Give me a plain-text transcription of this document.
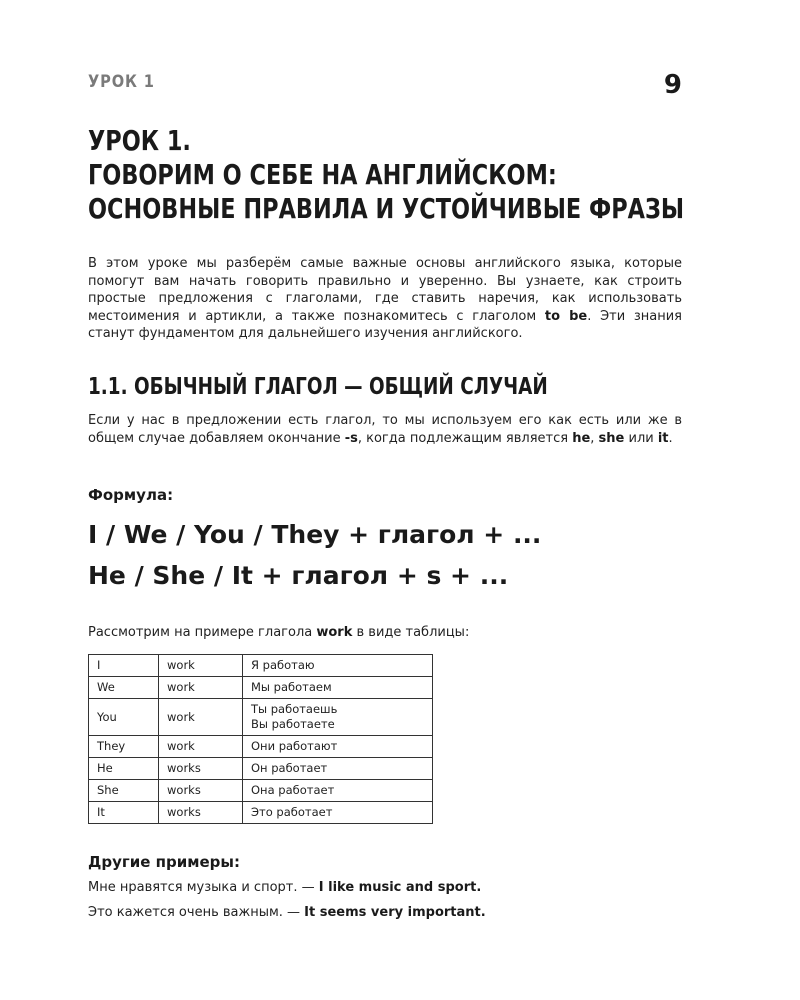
УРОК 1	9
УРОК 1.
ГОВОРИМ О СЕБЕ НА АНГЛИЙСКОМ:
ОСНОВНЫЕ ПРАВИЛА И УСТОЙЧИВЫЕ ФРАЗЫ

В этом уроке мы разберём самые важные основы английского языка, которые помогут вам начать говорить правильно и уверенно. Вы узнаете, как строить простые предложения с глаголами, где ставить наречия, как использовать местоимения и артикли, а также познакомитесь с глаголом to be. Эти знания станут фундаментом для дальнейшего изучения английского.

1.1. ОБЫЧНЫЙ ГЛАГОЛ — ОБЩИЙ СЛУЧАЙ

Если у нас в предложении есть глагол, то мы используем его как есть или же в общем случае добавляем окончание -s, когда подлежащим является he, she или it.

Формула:
I / We / You / They + глагол + ...
He / She / It + глагол + s + ...
Рассмотрим на примере глагола work в виде таблицы:
I	work	Я работаю
We	work	Мы работаем
You	work	Ты работаешь
Вы работаете

They	work	Они работают
He	works	Он работает
She	works	Она работает
It	works	Это работает
Другие примеры:
Мне нравятся музыка и спорт. — I like music and sport.
Это кажется очень важным. — It seems very important.
